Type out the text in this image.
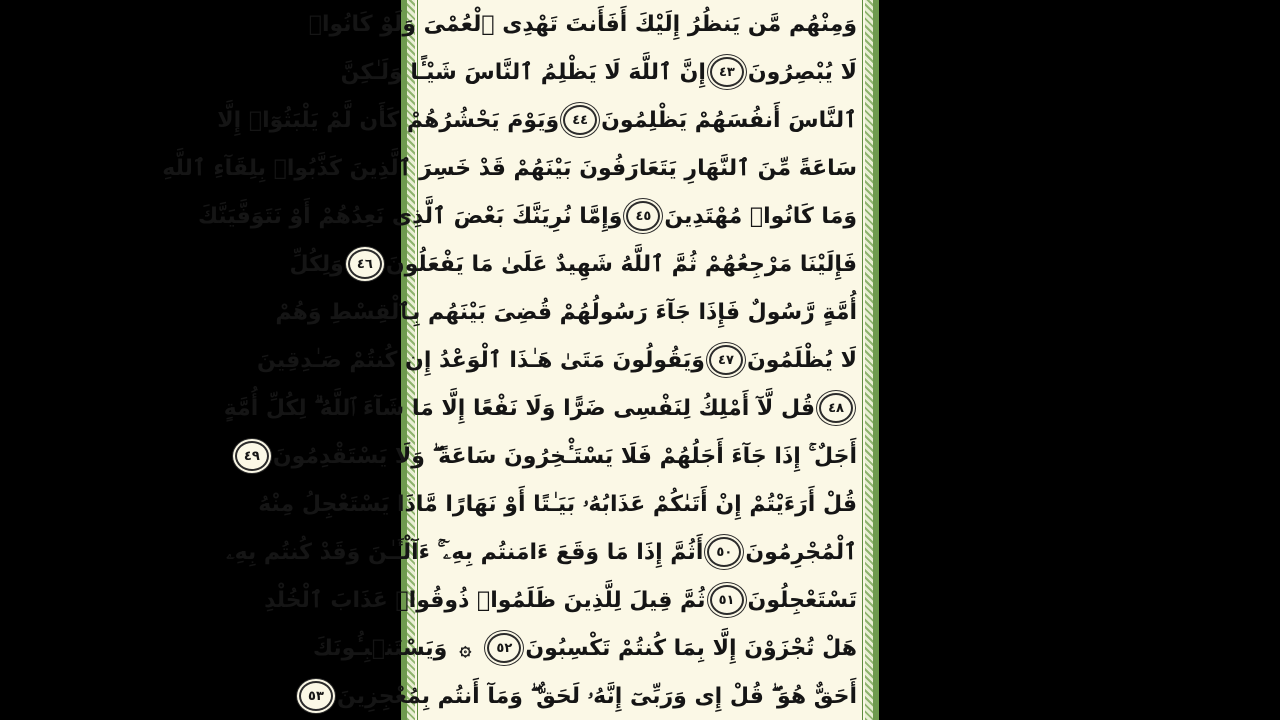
وَمِنْهُم مَّن يَنظُرُ إِلَيْكَ أَفَأَنتَ تَهْدِى ٱلْعُمْىَ وَلَوْ كَانُوا۟
لَا يُبْصِرُونَ
٤٣
إِنَّ ٱللَّهَ لَا يَظْلِمُ ٱلنَّاسَ شَيْـًٔا وَلَـٰكِنَّ
ٱلنَّاسَ أَنفُسَهُمْ يَظْلِمُونَ
٤٤
وَيَوْمَ يَحْشُرُهُمْ كَأَن لَّمْ يَلْبَثُوٓا۟ إِلَّا
سَاعَةً مِّنَ ٱلنَّهَارِ يَتَعَارَفُونَ بَيْنَهُمْ قَدْ خَسِرَ ٱلَّذِينَ كَذَّبُوا۟ بِلِقَآءِ ٱللَّهِ
وَمَا كَانُوا۟ مُهْتَدِينَ
٤٥
وَإِمَّا نُرِيَنَّكَ بَعْضَ ٱلَّذِى نَعِدُهُمْ أَوْ نَتَوَفَّيَنَّكَ
فَإِلَيْنَا مَرْجِعُهُمْ ثُمَّ ٱللَّهُ شَهِيدٌ عَلَىٰ مَا يَفْعَلُونَ
٤٦
وَلِكُلِّ
أُمَّةٍ رَّسُولٌ فَإِذَا جَآءَ رَسُولُهُمْ قُضِىَ بَيْنَهُم بِٱلْقِسْطِ وَهُمْ
لَا يُظْلَمُونَ
٤٧
وَيَقُولُونَ مَتَىٰ هَـٰذَا ٱلْوَعْدُ إِن كُنتُمْ صَـٰدِقِينَ
٤٨
قُل لَّآ أَمْلِكُ لِنَفْسِى ضَرًّا وَلَا نَفْعًا إِلَّا مَا شَآءَ ٱللَّهُ ۗ لِكُلِّ أُمَّةٍ
أَجَلٌ ۚ إِذَا جَآءَ أَجَلُهُمْ فَلَا يَسْتَـْٔخِرُونَ سَاعَةً ۖ وَلَا يَسْتَقْدِمُونَ
٤٩
قُلْ أَرَءَيْتُمْ إِنْ أَتَىٰكُمْ عَذَابُهُۥ بَيَـٰتًا أَوْ نَهَارًا مَّاذَا يَسْتَعْجِلُ مِنْهُ
ٱلْمُجْرِمُونَ
٥٠
أَثُمَّ إِذَا مَا وَقَعَ ءَامَنتُم بِهِۦٓ ۚ ءَآلْـَٔـٰنَ وَقَدْ كُنتُم بِهِۦ
تَسْتَعْجِلُونَ
٥١
ثُمَّ قِيلَ لِلَّذِينَ ظَلَمُوا۟ ذُوقُوا۟ عَذَابَ ٱلْخُلْدِ
هَلْ تُجْزَوْنَ إِلَّا بِمَا كُنتُمْ تَكْسِبُونَ
٥٢
۞
وَيَسْتَنۢبِـُٔونَكَ
أَحَقٌّ هُوَ ۖ قُلْ إِى وَرَبِّىٓ إِنَّهُۥ لَحَقٌّ ۖ وَمَآ أَنتُم بِمُعْجِزِينَ
٥٣
